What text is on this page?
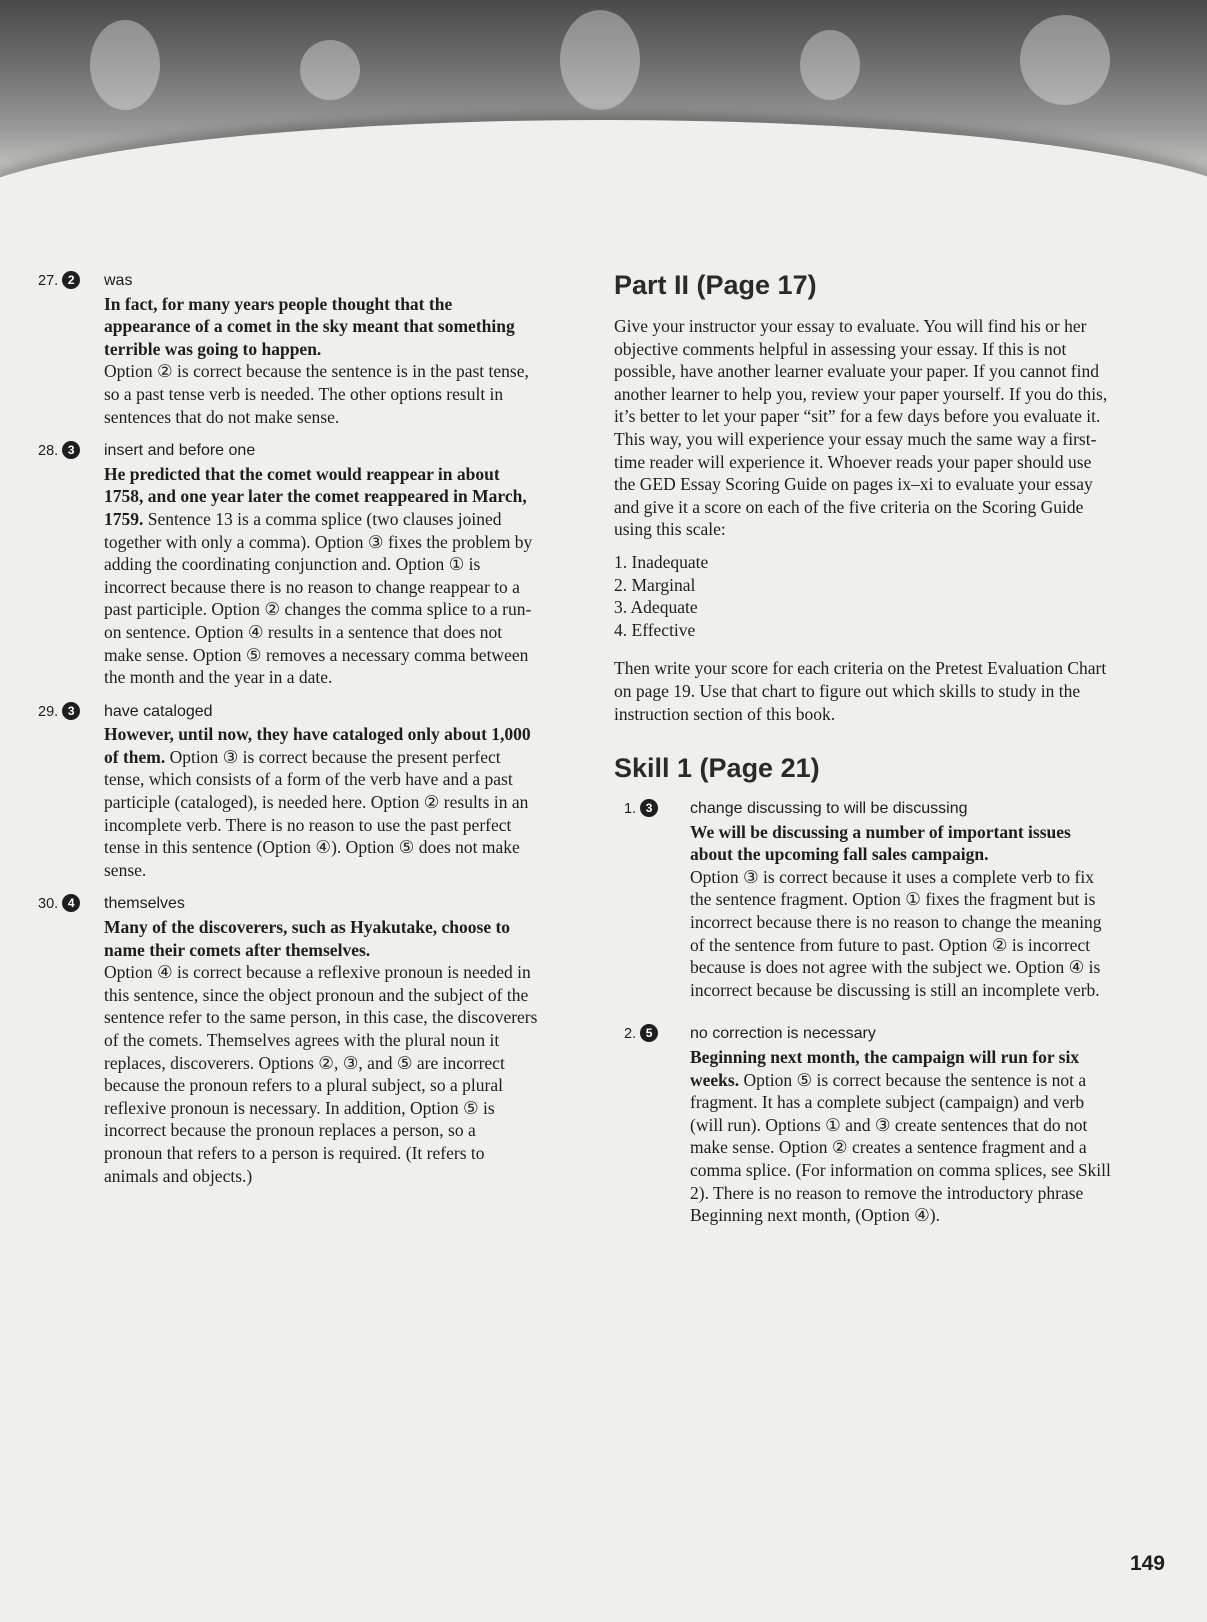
27. 2	was
In fact, for many years people thought that the appearance of a comet in the sky meant that something terrible was going to happen.
Option ② is correct because the sentence is in the past tense, so a past tense verb is needed. The other options result in sentences that do not make sense.
28. 3	insert and before one
He predicted that the comet would reappear in about 1758, and one year later the comet reappeared in March, 1759. Sentence 13 is a comma splice (two clauses joined together with only a comma). Option ③ fixes the problem by adding the coordinating conjunction and. Option ① is incorrect because there is no reason to change reappear to a past participle. Option ② changes the comma splice to a run-on sentence. Option ④ results in a sentence that does not make sense. Option ⑤ removes a necessary comma between the month and the year in a date.
29. 3	have cataloged
However, until now, they have cataloged only about 1,000 of them. Option ③ is correct because the present perfect tense, which consists of a form of the verb have and a past participle (cataloged), is needed here. Option ② results in an incomplete verb. There is no reason to use the past perfect tense in this sentence (Option ④). Option ⑤ does not make sense.
30. 4	themselves
Many of the discoverers, such as Hyakutake, choose to name their comets after themselves.
Option ④ is correct because a reflexive pronoun is needed in this sentence, since the object pronoun and the subject of the sentence refer to the same person, in this case, the discoverers of the comets. Themselves agrees with the plural noun it replaces, discoverers. Options ②, ③, and ⑤ are incorrect because the pronoun refers to a plural subject, so a plural reflexive pronoun is necessary. In addition, Option ⑤ is incorrect because the pronoun replaces a person, so a pronoun that refers to a person is required. (It refers to animals and objects.)
Part II (Page 17)

Give your instructor your essay to evaluate. You will find his or her objective comments helpful in assessing your essay. If this is not possible, have another learner evaluate your paper. If you cannot find another learner to help you, review your paper yourself. If you do this, it’s better to let your paper “sit” for a few days before you evaluate it. This way, you will experience your essay much the same way a first-time reader will experience it. Whoever reads your paper should use the GED Essay Scoring Guide on pages ix–xi to evaluate your essay and give it a score on each of the five criteria on the Scoring Guide using this scale:

1. Inadequate
2. Marginal
3. Adequate
4. Effective

Then write your score for each criteria on the Pretest Evaluation Chart on page 19. Use that chart to figure out which skills to study in the instruction section of this book.

Skill 1 (Page 21)
1. 3	change discussing to will be discussing
We will be discussing a number of important issues about the upcoming fall sales campaign.
Option ③ is correct because it uses a complete verb to fix the sentence fragment. Option ① fixes the fragment but is incorrect because there is no reason to change the meaning of the sentence from future to past. Option ② is incorrect because is does not agree with the subject we. Option ④ is incorrect because be discussing is still an incomplete verb.
2. 5	no correction is necessary
Beginning next month, the campaign will run for six weeks. Option ⑤ is correct because the sentence is not a fragment. It has a complete subject (campaign) and verb (will run). Options ① and ③ create sentences that do not make sense. Option ② creates a sentence fragment and a comma splice. (For information on comma splices, see Skill 2). There is no reason to remove the introductory phrase Beginning next month, (Option ④).
149
